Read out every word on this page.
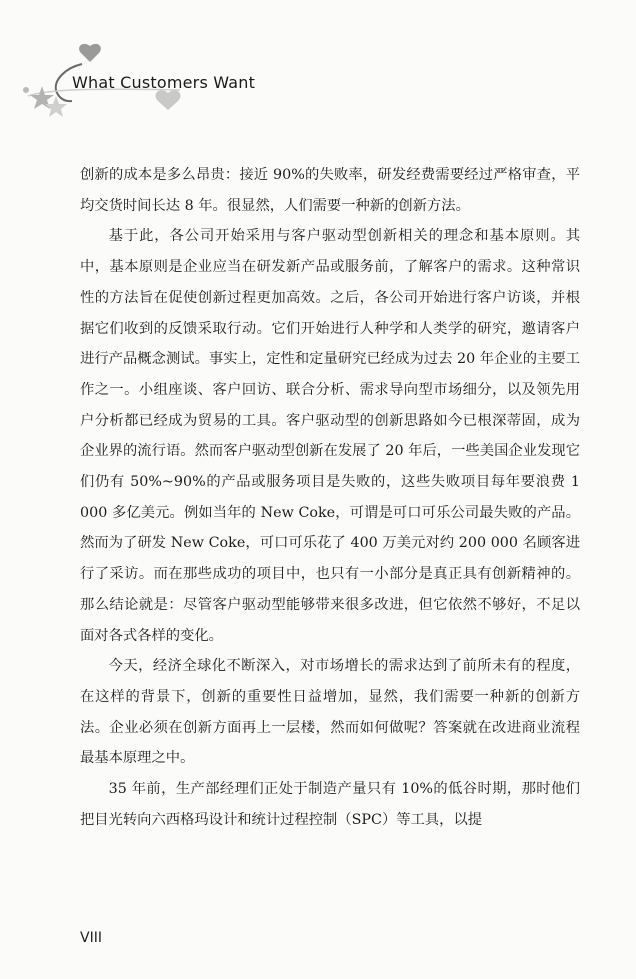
What Customers Want

创新的成本是多么昂贵：接近 90%的失败率，研发经费需要经过严格审查，平均交货时间长达 8 年。很显然，人们需要一种新的创新方法。

基于此，各公司开始采用与客户驱动型创新相关的理念和基本原则。其中，基本原则是企业应当在研发新产品或服务前，了解客户的需求。这种常识性的方法旨在促使创新过程更加高效。之后，各公司开始进行客户访谈，并根据它们收到的反馈采取行动。它们开始进行人种学和人类学的研究，邀请客户进行产品概念测试。事实上，定性和定量研究已经成为过去 20 年企业的主要工作之一。小组座谈、客户回访、联合分析、需求导向型市场细分，以及领先用户分析都已经成为贸易的工具。客户驱动型的创新思路如今已根深蒂固，成为企业界的流行语。然而客户驱动型创新在发展了 20 年后，一些美国企业发现它们仍有 50%~90%的产品或服务项目是失败的，这些失败项目每年要浪费 1 000 多亿美元。例如当年的 New Coke，可谓是可口可乐公司最失败的产品。然而为了研发 New Coke，可口可乐花了 400 万美元对约 200 000 名顾客进行了采访。而在那些成功的项目中，也只有一小部分是真正具有创新精神的。那么结论就是：尽管客户驱动型能够带来很多改进，但它依然不够好，不足以面对各式各样的变化。

今天，经济全球化不断深入，对市场增长的需求达到了前所未有的程度，在这样的背景下，创新的重要性日益增加，显然，我们需要一种新的创新方法。企业必须在创新方面再上一层楼，然而如何做呢？答案就在改进商业流程最基本原理之中。

35 年前，生产部经理们正处于制造产量只有 10%的低谷时期，那时他们把目光转向六西格玛设计和统计过程控制（SPC）等工具，以提

VIII
